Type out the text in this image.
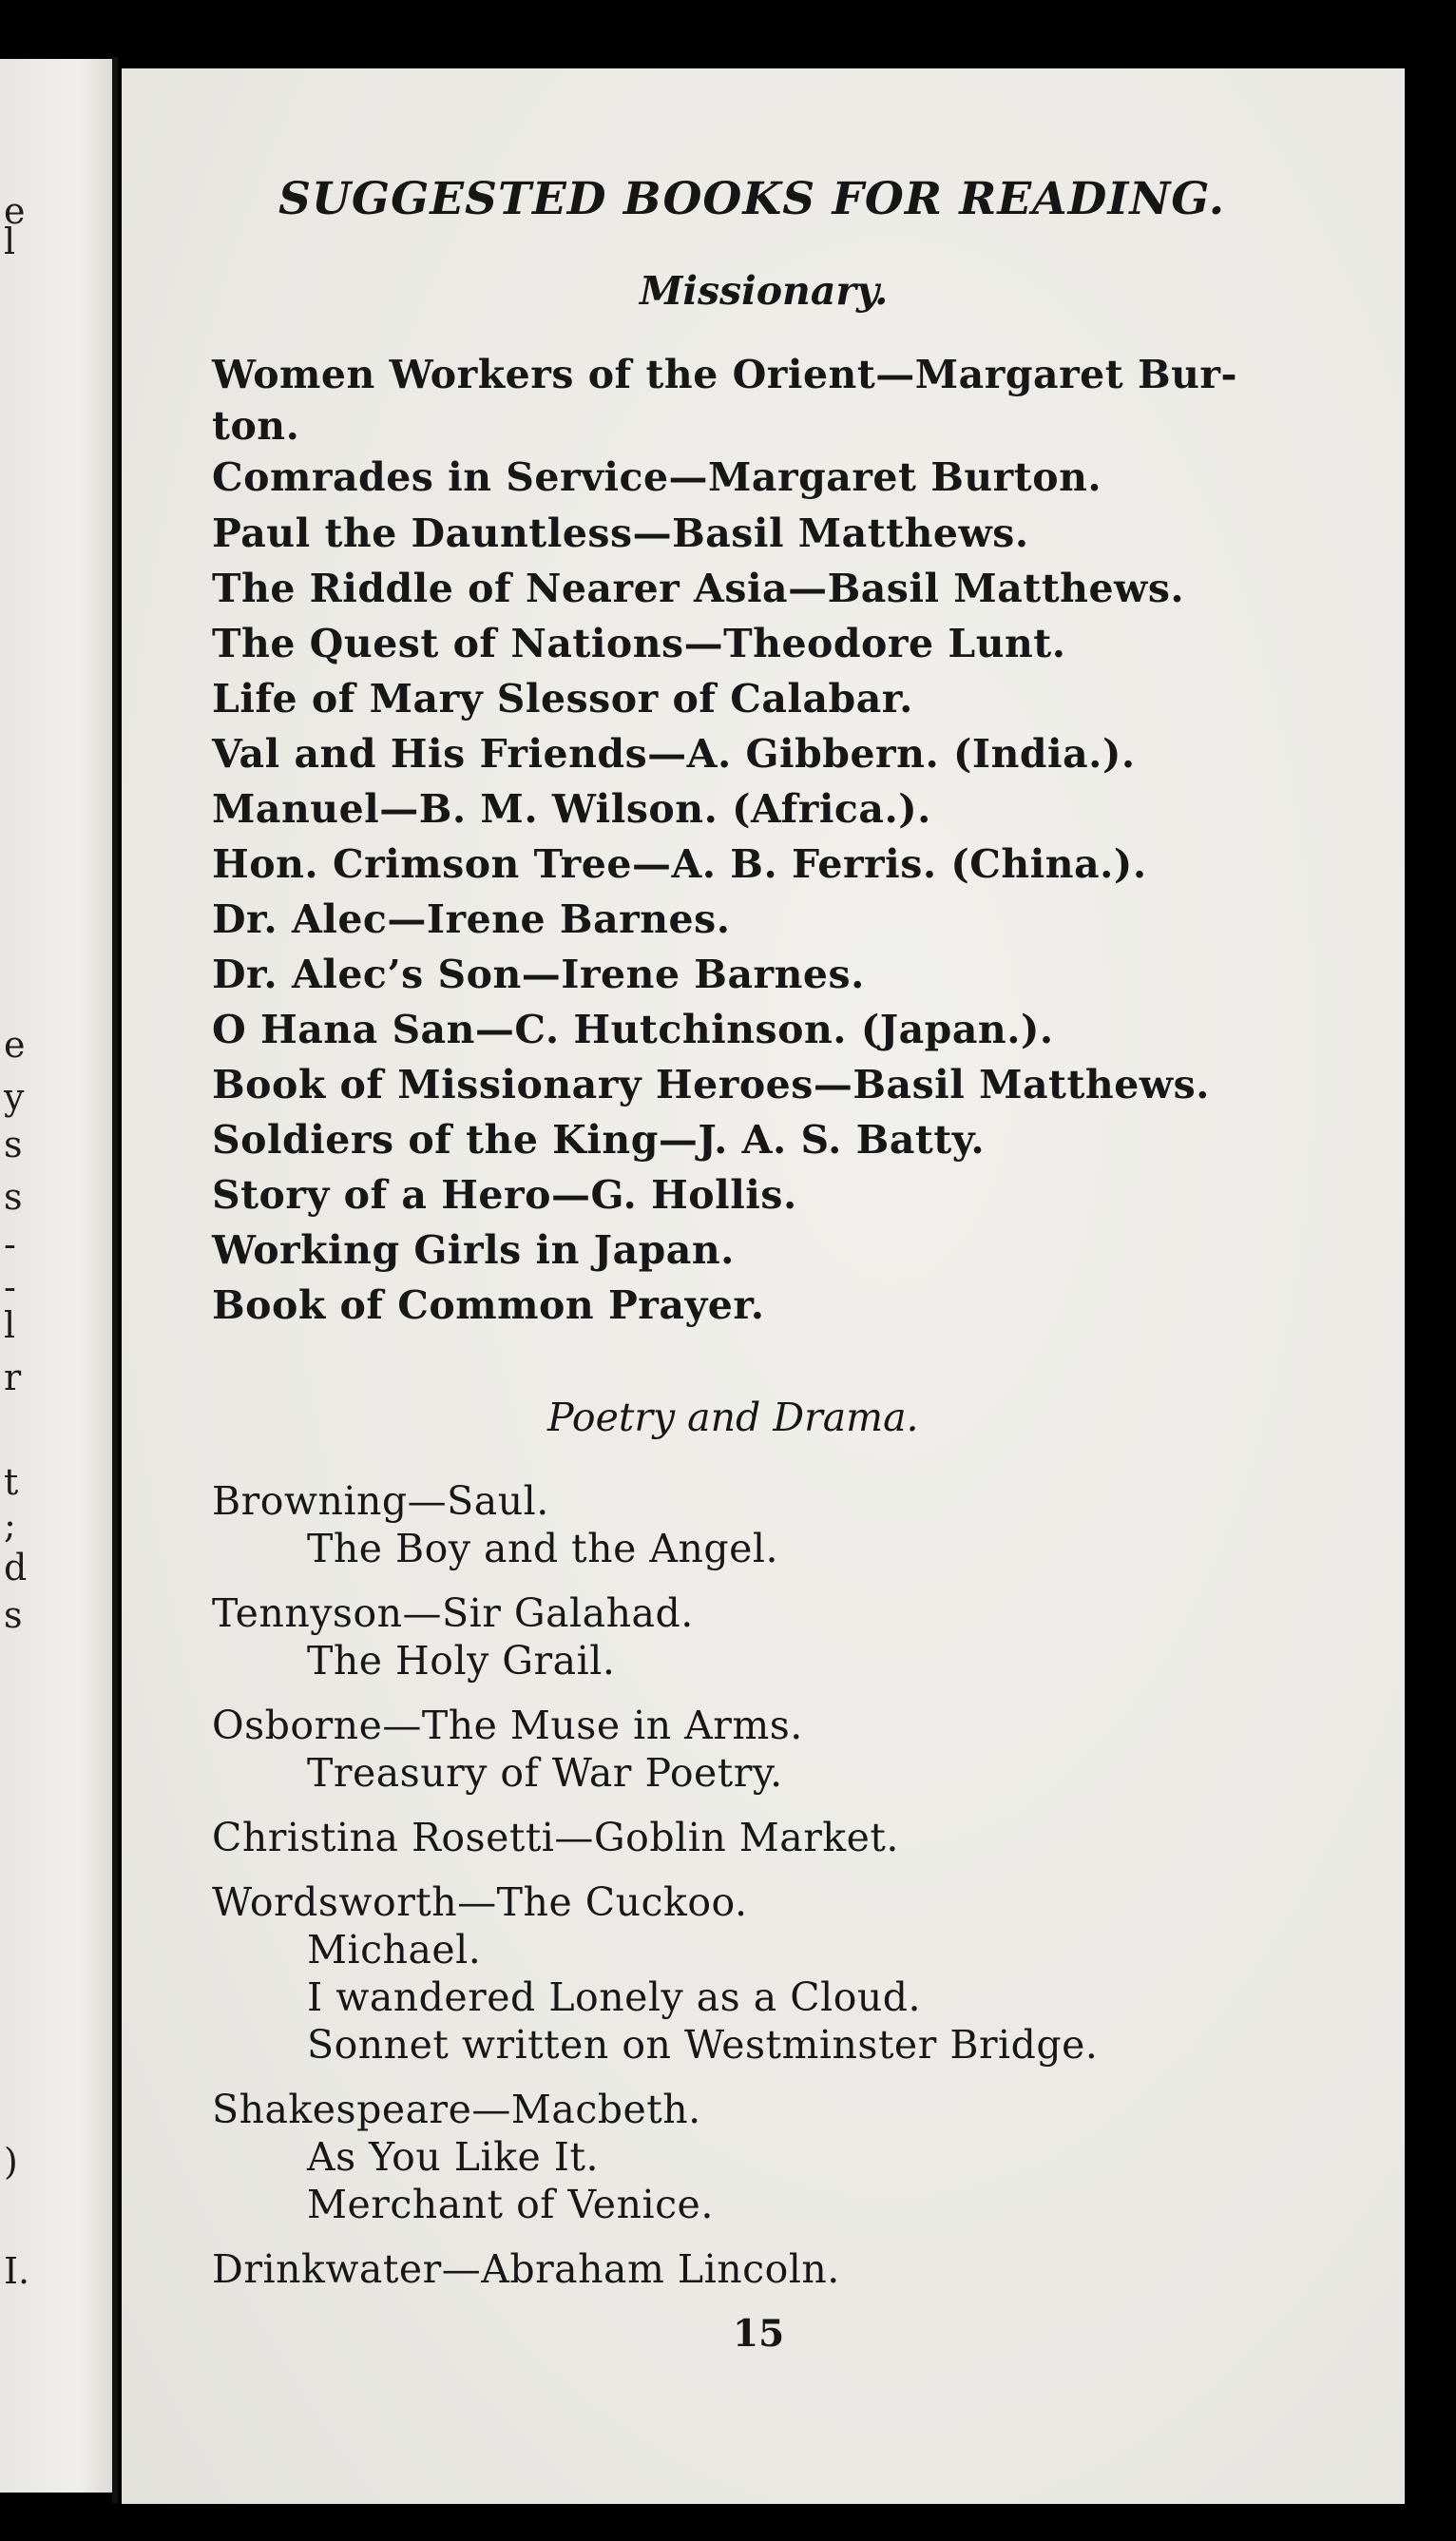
e
l
e
y
s
s
-
-
l
r
t
;
d
s
)
I.
SUGGESTED BOOKS FOR READING.
Missionary.
Women Workers of the Orient—Margaret Bur-
ton.
Comrades in Service—Margaret Burton.
Paul the Dauntless—Basil Matthews.
The Riddle of Nearer Asia—Basil Matthews.
The Quest of Nations—Theodore Lunt.
Life of Mary Slessor of Calabar.
Val and His Friends—A. Gibbern. (India.).
Manuel—B. M. Wilson. (Africa.).
Hon. Crimson Tree—A. B. Ferris. (China.).
Dr. Alec—Irene Barnes.
Dr. Alec’s Son—Irene Barnes.
O Hana San—C. Hutchinson. (Japan.).
Book of Missionary Heroes—Basil Matthews.
Soldiers of the King—J. A. S. Batty.
Story of a Hero—G. Hollis.
Working Girls in Japan.
Book of Common Prayer.
Poetry and Drama.
Browning—Saul.
The Boy and the Angel.
Tennyson—Sir Galahad.
The Holy Grail.
Osborne—The Muse in Arms.
Treasury of War Poetry.
Christina Rosetti—Goblin Market.
Wordsworth—The Cuckoo.
Michael.
I wandered Lonely as a Cloud.
Sonnet written on Westminster Bridge.
Shakespeare—Macbeth.
As You Like It.
Merchant of Venice.
Drinkwater—Abraham Lincoln.
15
